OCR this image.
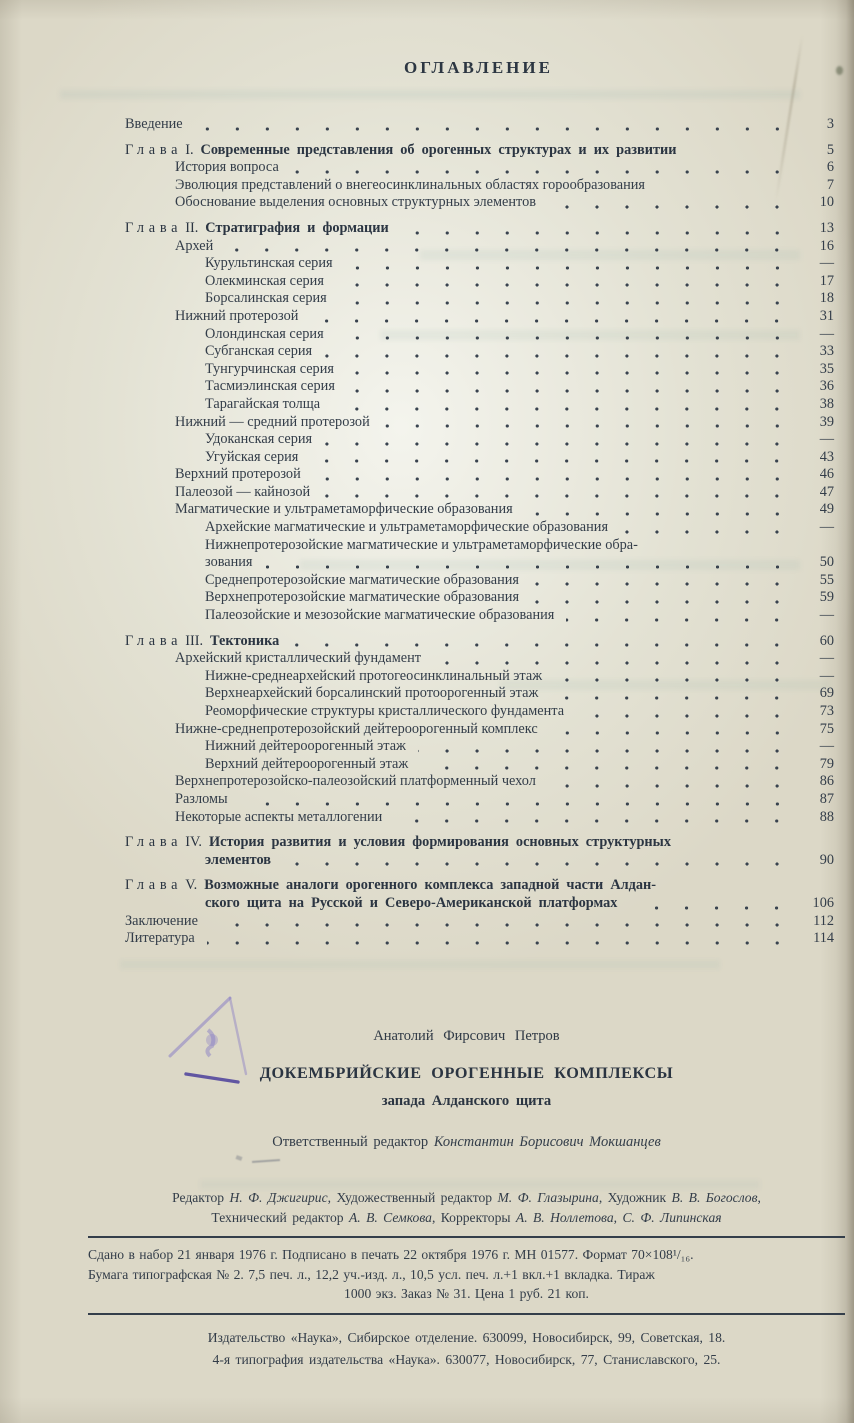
ОГЛАВЛЕНИЕ
Введение	3
Глава I. Современные представления об орогенных структурах и их развитии	5
История вопроса	6
Эволюция представлений о внегеосинклинальных областях горообразования	7
Обоснование выделения основных структурных элементов	10
Глава II. Стратиграфия и формации	13
Архей	16
Курультинская серия	—
Олекминская серия	17
Борсалинская серия	18
Нижний протерозой	31
Олондинская серия	—
Субганская серия	33
Тунгурчинская серия	35
Тасмиэлинская серия	36
Тарагайская толща	38
Нижний — средний протерозой	39
Удоканская серия	—
Угуйская серия	43
Верхний протерозой	46
Палеозой — кайнозой	47
Магматические и ультраметаморфические образования	49
Архейские магматические и ультраметаморфические образования	—
Нижнепротерозойские магматические и ультраметаморфические обра-
зования	50
Среднепротерозойские магматические образования	55
Верхнепротерозойские магматические образования	59
Палеозойские и мезозойские магматические образования	—
Глава III. Тектоника	60
Архейский кристаллический фундамент	—
Нижне-среднеархейский протогеосинклинальный этаж	—
Верхнеархейский борсалинский протоорогенный этаж	69
Реоморфические структуры кристаллического фундамента	73
Нижне-среднепротерозойский дейтероорогенный комплекс	75
Нижний дейтероорогенный этаж	—
Верхний дейтероорогенный этаж	79
Верхнепротерозойско-палеозойский платформенный чехол	86
Разломы	87
Некоторые аспекты металлогении	88
Глава IV. История развития и условия формирования основных структурных
элементов	90
Глава V. Возможные аналоги орогенного комплекса западной части Алдан-
ского щита на Русской и Северо-Американской платформах	106
Заключение	112
Литература	114
Анатолий Фирсович Петров
ДОКЕМБРИЙСКИЕ ОРОГЕННЫЕ КОМПЛЕКСЫ
запада Алданского щита
Ответственный редактор Константин Борисович Мокшанцев
Редактор Н. Ф. Джигирис, Художественный редактор М. Ф. Глазырина, Художник В. В. Богослов,
Технический редактор А. В. Семкова, Корректоры А. В. Ноллетова, С. Ф. Липинская
Сдано в набор 21 января 1976 г. Подписано в печать 22 октября 1976 г. МН 01577. Формат 70×108¹/₁₆.
Бумага типографская № 2. 7,5 печ. л., 12,2 уч.-изд. л., 10,5 усл. печ. л.+1 вкл.+1 вкладка. Тираж
1000 экз. Заказ № 31. Цена 1 руб. 21 коп.
Издательство «Наука», Сибирское отделение. 630099, Новосибирск, 99, Советская, 18.
4-я типография издательства «Наука». 630077, Новосибирск, 77, Станиславского, 25.
